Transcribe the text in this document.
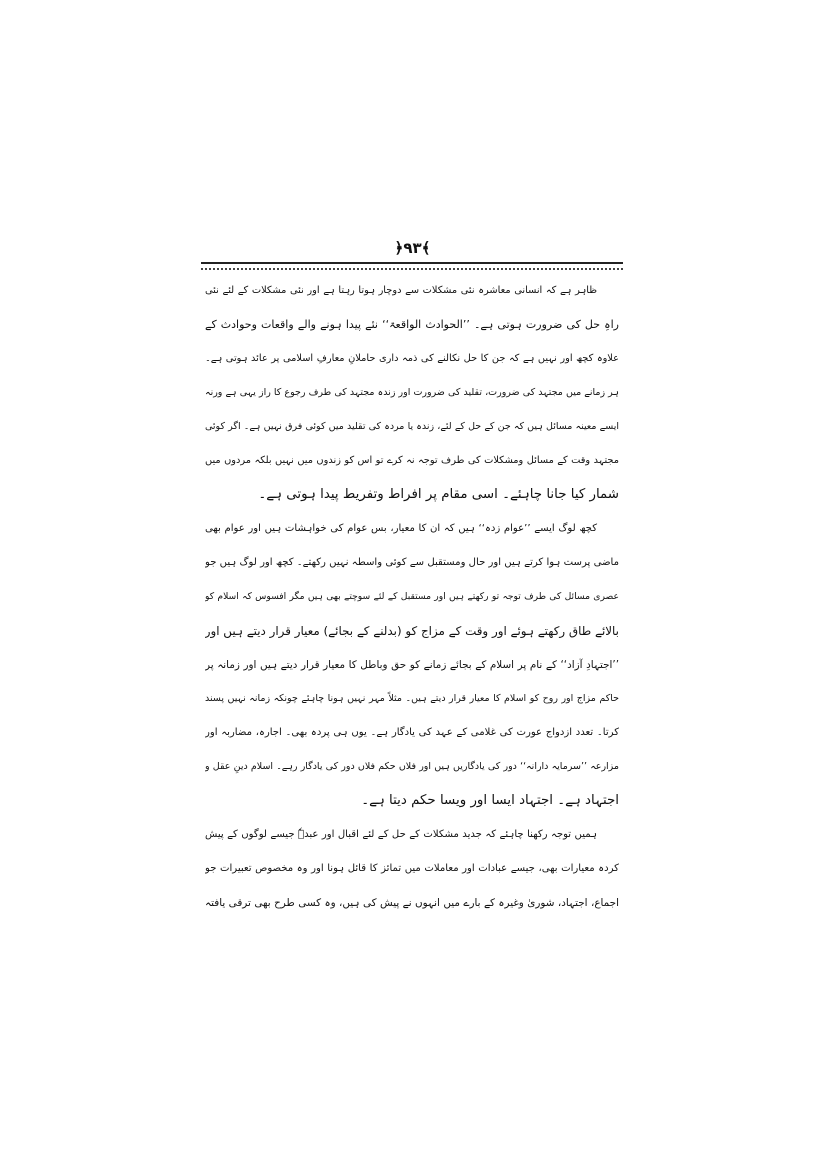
﴿۹۳﴾
ظاہر ہے کہ انسانی معاشرہ نئی مشکلات سے دوچار ہوتا رہتا ہے اور نئی مشکلات کے لئے نئی
راہِ حل کی ضرورت ہوتی ہے۔ ’’الحوادث الواقعۃ‘‘ نئے پیدا ہونے والے واقعات وحوادث کے
علاوہ کچھ اور نہیں ہے کہ جن کا حل نکالنے کی ذمہ داری حاملانِ معارفِ اسلامی پر عائد ہوتی ہے۔
ہر زمانے میں مجتہد کی ضرورت، تقلید کی ضرورت اور زندہ مجتہد کی طرف رجوع کا راز یہی ہے ورنہ
ایسے معینہ مسائل ہیں کہ جن کے حل کے لئے، زندہ یا مردہ کی تقلید میں کوئی فرق نہیں ہے۔ اگر کوئی
مجتہد وقت کے مسائل ومشکلات کی طرف توجہ نہ کرے تو اس کو زندوں میں نہیں بلکہ مردوں میں
شمار کیا جانا چاہئے۔ اسی مقام پر افراط وتفریط پیدا ہوتی ہے۔
کچھ لوگ ایسے ’’عوام زدہ‘‘ ہیں کہ ان کا معیار، بس عوام کی خواہشات ہیں اور عوام بھی
ماضی پرست ہوا کرتے ہیں اور حال ومستقبل سے کوئی واسطہ نہیں رکھتے۔ کچھ اور لوگ ہیں جو
عصری مسائل کی طرف توجہ تو رکھتے ہیں اور مستقبل کے لئے سوچتے بھی ہیں مگر افسوس کہ اسلام کو
بالائے طاق رکھتے ہوئے اور وقت کے مزاج کو (بدلنے کے بجائے) معیار قرار دیتے ہیں اور
’’اجتہادِ آزاد‘‘ کے نام پر اسلام کے بجائے زمانے کو حق وباطل کا معیار قرار دیتے ہیں اور زمانہ پر
حاکم مزاج اور روح کو اسلام کا معیار قرار دیتے ہیں۔ مثلاً مہر نہیں ہونا چاہئے چونکہ زمانہ نہیں پسند
کرتا۔ تعدد ازدواج عورت کی غلامی کے عہد کی یادگار ہے۔ یوں ہی پردہ بھی۔ اجارہ، مضاربہ اور
مزارعہ ’’سرمایہ دارانہ‘‘ دور کی یادگاریں ہیں اور فلاں حکم فلاں دور کی یادگار رہے۔ اسلام دینِ عقل و
اجتہاد ہے۔ اجتہاد ایسا اور ویسا حکم دیتا ہے۔
ہمیں توجہ رکھنا چاہئے کہ جدید مشکلات کے حل کے لئے اقبال اور عبدہٗ جیسے لوگوں کے پیش
کردہ معیارات بھی، جیسے عبادات اور معاملات میں تمائز کا قائل ہونا اور وہ مخصوص تعبیرات جو
اجماع، اجتہاد، شوریٰ وغیرہ کے بارے میں انہوں نے پیش کی ہیں، وہ کسی طرح بھی ترقی یافتہ
